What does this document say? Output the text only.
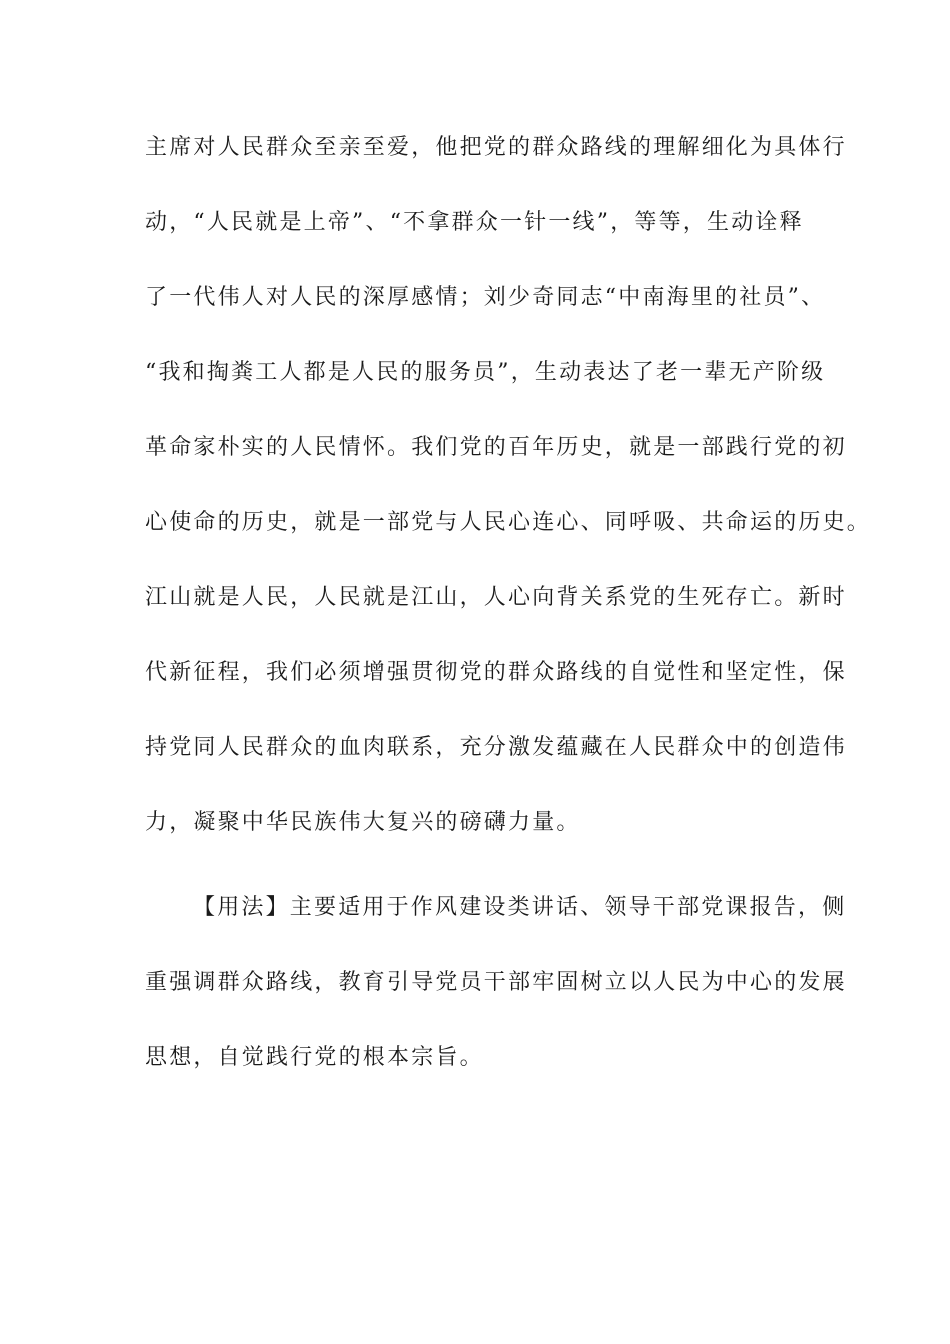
主席对人民群众至亲至爱，他把党的群众路线的理解细化为具体行
动，“人民就是上帝”、“不拿群众一针一线”，等等，生动诠释
了一代伟人对人民的深厚感情；刘少奇同志“中南海里的社员”、
“我和掏粪工人都是人民的服务员”，生动表达了老一辈无产阶级
革命家朴实的人民情怀。我们党的百年历史，就是一部践行党的初
心使命的历史，就是一部党与人民心连心、同呼吸、共命运的历史。
江山就是人民，人民就是江山，人心向背关系党的生死存亡。新时
代新征程，我们必须增强贯彻党的群众路线的自觉性和坚定性，保
持党同人民群众的血肉联系，充分激发蕴藏在人民群众中的创造伟
力，凝聚中华民族伟大复兴的磅礴力量。
【用法】主要适用于作风建设类讲话、领导干部党课报告，侧
重强调群众路线，教育引导党员干部牢固树立以人民为中心的发展
思想，自觉践行党的根本宗旨。
